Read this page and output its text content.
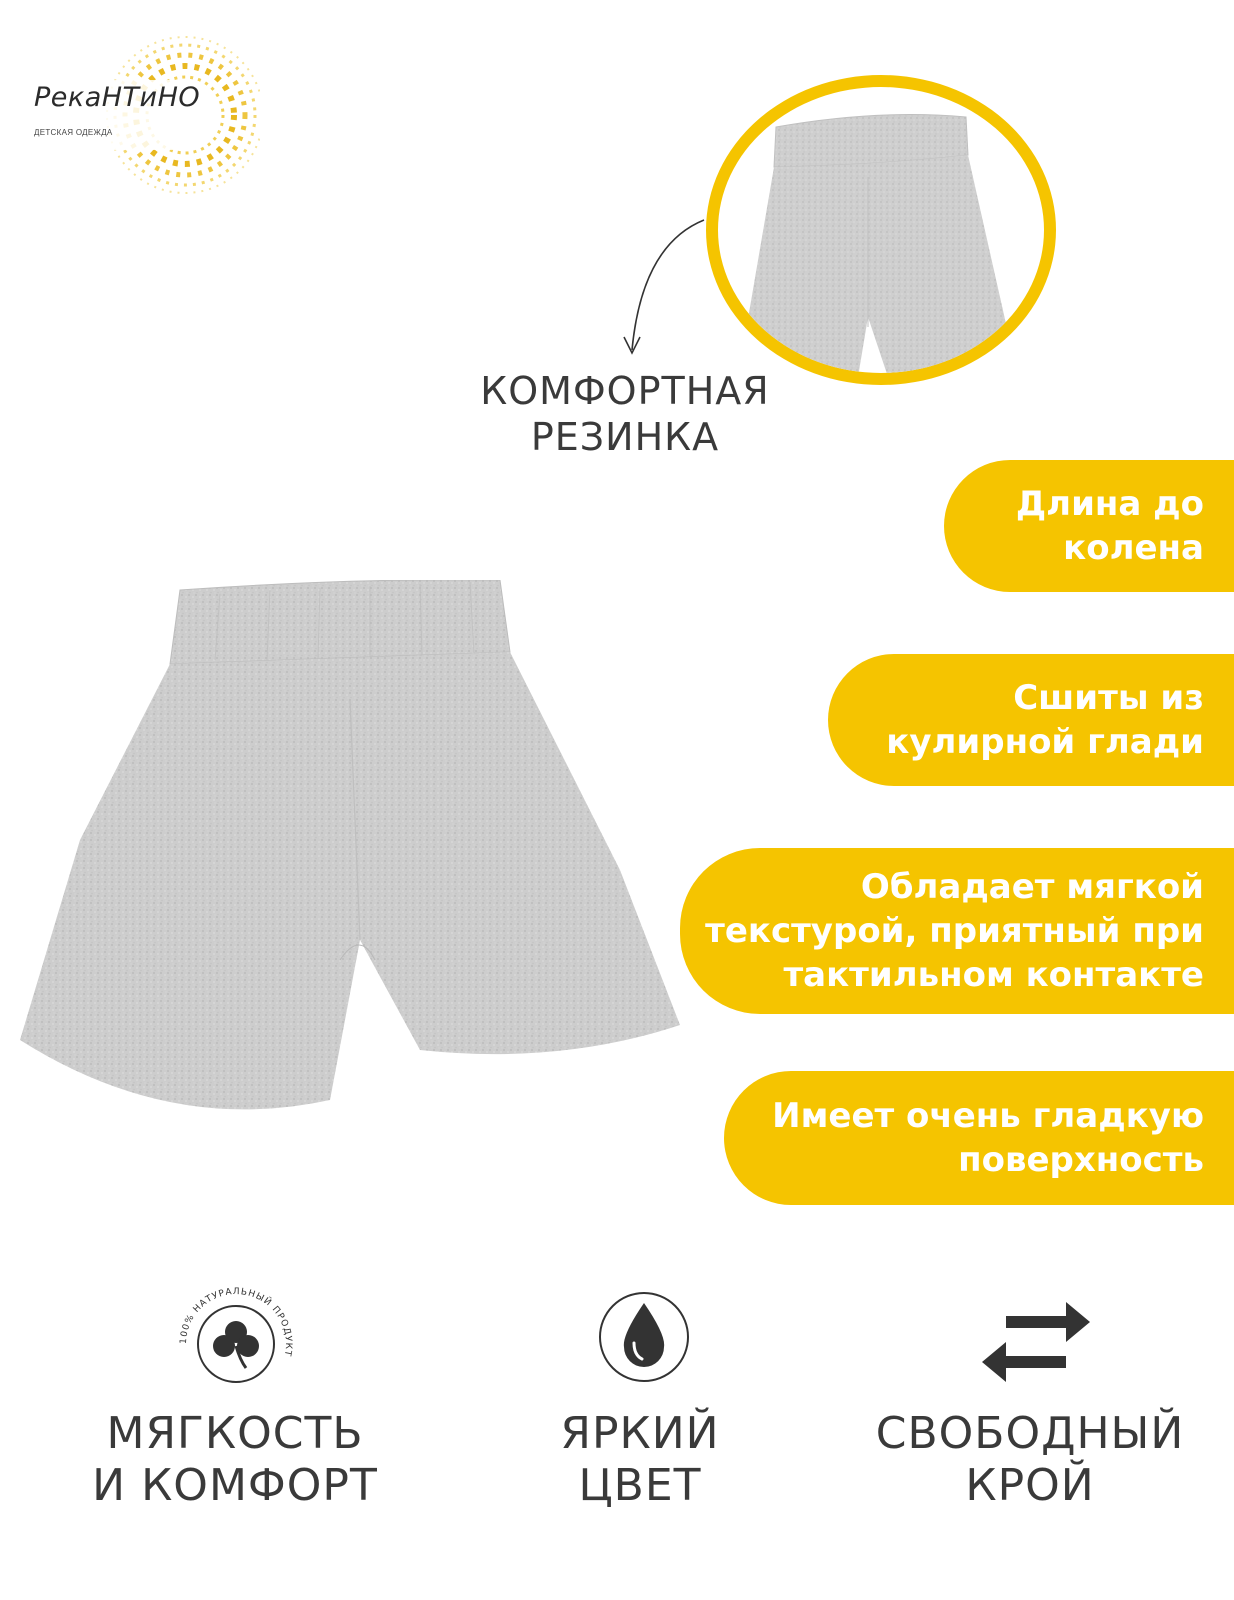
РекаНТиНО
ДЕТСКАЯ ОДЕЖДА
КОМФОРТНАЯ
РЕЗИНКА
Длина до
колена
Сшиты из
кулирной глади
Обладает мягкой
текстурой, приятный при
тактильном контакте
Имеет очень гладкую
поверхность
100% НАТУРАЛЬНЫЙ ПРОДУКТ
МЯГКОСТЬ
И КОМФОРТ
ЯРКИЙ
ЦВЕТ
СВОБОДНЫЙ
КРОЙ
